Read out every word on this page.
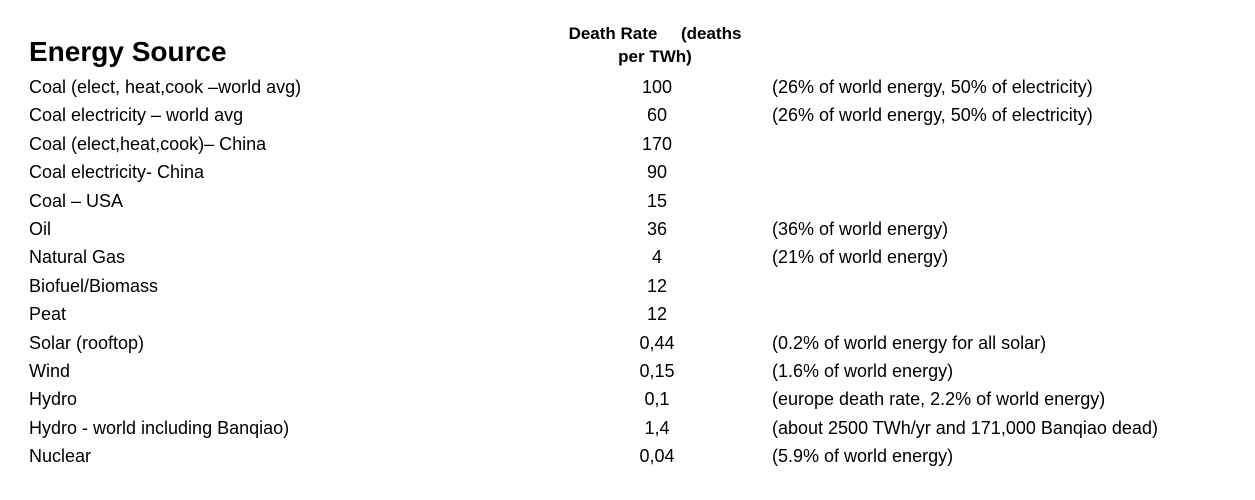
Energy Source
Death Rate     (deaths
per TWh)
Coal (elect, heat,cook –world avg)	100	(26% of world energy, 50% of electricity)
Coal electricity – world avg	60	(26% of world energy, 50% of electricity)
Coal (elect,heat,cook)– China	170
Coal electricity- China	90
Coal – USA	15
Oil	36	(36% of world energy)
Natural Gas	4	(21% of world energy)
Biofuel/Biomass	12
Peat	12
Solar (rooftop)	0,44	(0.2% of world energy for all solar)
Wind	0,15	(1.6% of world energy)
Hydro	0,1	(europe death rate, 2.2% of world energy)
Hydro - world including Banqiao)	1,4	(about 2500 TWh/yr and 171,000 Banqiao dead)
Nuclear	0,04	(5.9% of world energy)
